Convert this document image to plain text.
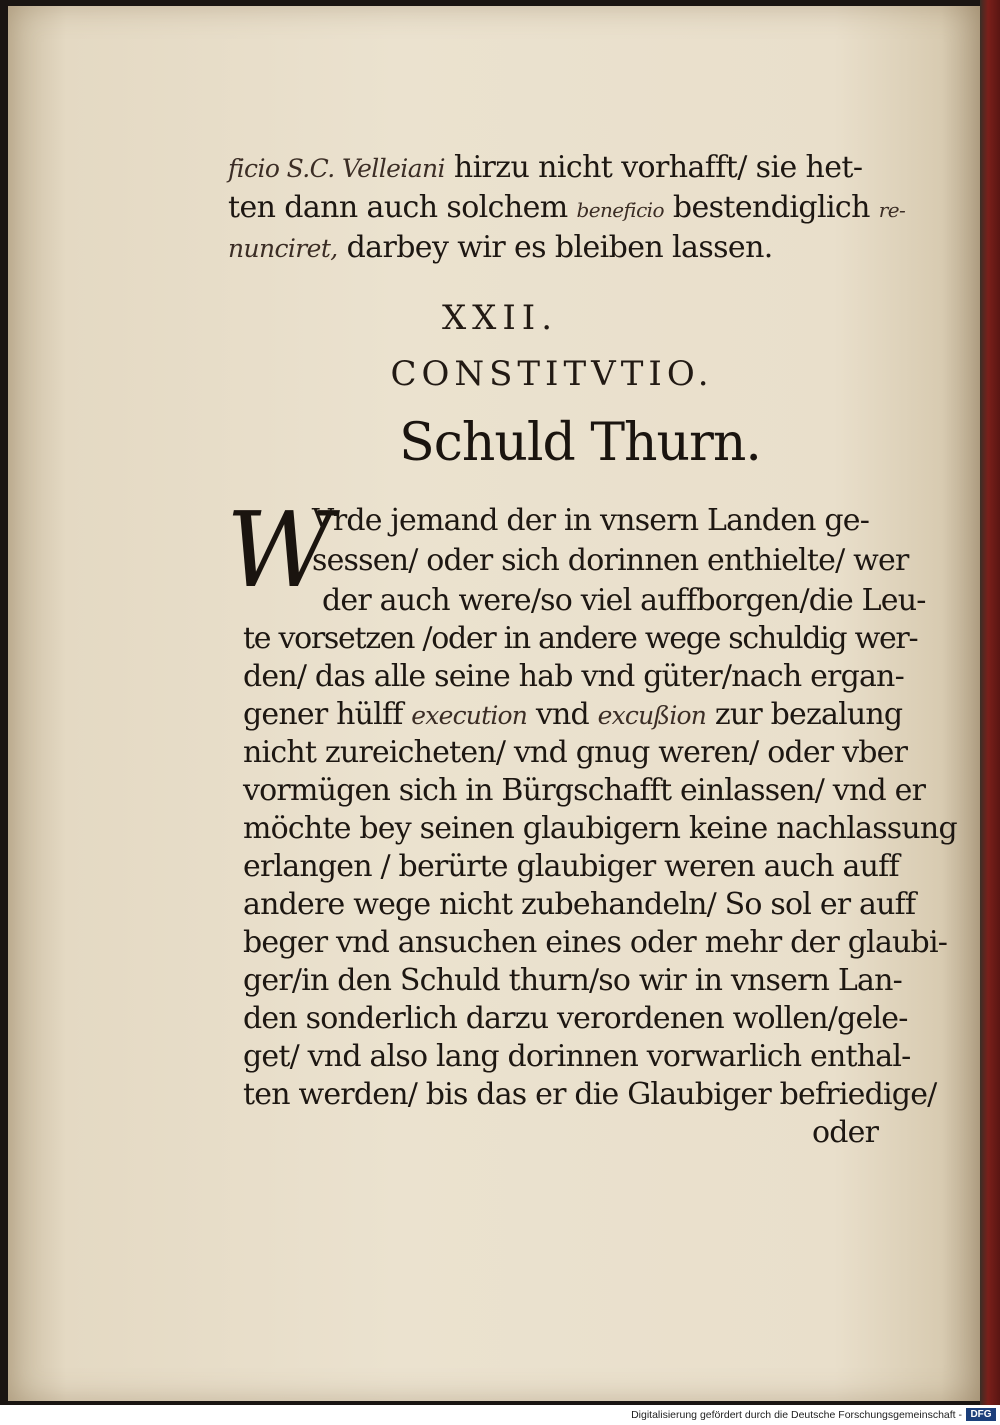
ficio S.C. Velleiani hirzu nicht vorhafft/ sie het-
ten dann auch solchem beneficio bestendiglich re-
nunciret, darbey wir es bleiben lassen.
XXII.
CONSTITVTIO.
Schuld Thurn.
W
Vrde jemand der in vnsern Landen ge-
sessen/ oder sich dorinnen enthielte/ wer
der auch were/so viel auffborgen/die Leu-
te vorsetzen /oder in andere wege schuldig wer-
den/ das alle seine hab vnd güter/nach ergan-
gener hülff execution vnd excußion zur bezalung
nicht zureicheten/ vnd gnug weren/ oder vber
vormügen sich in Bürgschafft einlassen/ vnd er
möchte bey seinen glaubigern keine nachlassung
erlangen / berürte glaubiger weren auch auff
andere wege nicht zubehandeln/ So sol er auff
beger vnd ansuchen eines oder mehr der glaubi-
ger/in den Schuld thurn/so wir in vnsern Lan-
den sonderlich darzu verordenen wollen/gele-
get/ vnd also lang dorinnen vorwarlich enthal-
ten werden/ bis das er die Glaubiger befriedige/
oder
Digitalisierung gefördert durch die Deutsche Forschungsgemeinschaft - DFG
